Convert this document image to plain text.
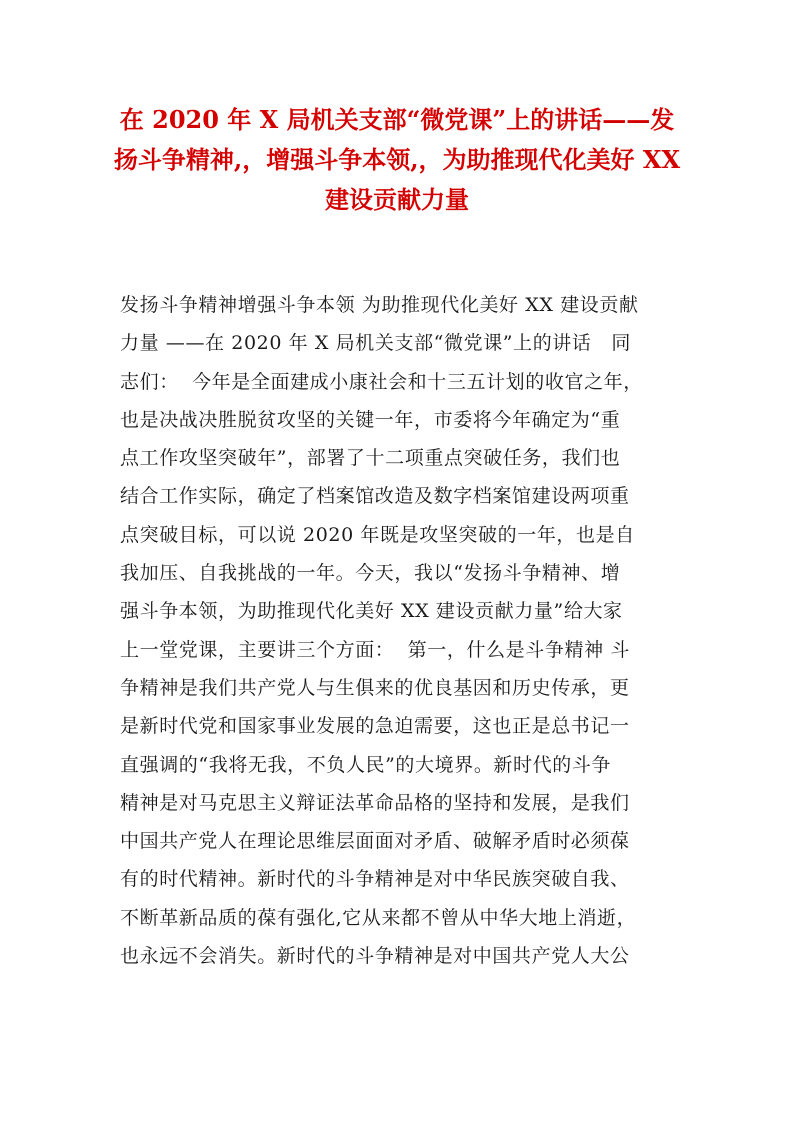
在 2020 年 X 局机关支部“微党课”上的讲话——发
扬斗争精神,，增强斗争本领,，为助推现代化美好 XX
建设贡献力量
发扬斗争精神增强斗争本领 为助推现代化美好 XX 建设贡献
力量 ——在 2020 年 X 局机关支部“微党课”上的讲话   同
志们：  今年是全面建成小康社会和十三五计划的收官之年，
也是决战决胜脱贫攻坚的关键一年，市委将今年确定为“重
点工作攻坚突破年”，部署了十二项重点突破任务，我们也
结合工作实际，确定了档案馆改造及数字档案馆建设两项重
点突破目标，可以说 2020 年既是攻坚突破的一年，也是自
我加压、自我挑战的一年。今天，我以“发扬斗争精神、增
强斗争本领，为助推现代化美好 XX 建设贡献力量”给大家
上一堂党课，主要讲三个方面：  第一，什么是斗争精神 斗
争精神是我们共产党人与生俱来的优良基因和历史传承，更
是新时代党和国家事业发展的急迫需要，这也正是总书记一
直强调的“我将无我，不负人民”的大境界。新时代的斗争
精神是对马克思主义辩证法革命品格的坚持和发展，是我们
中国共产党人在理论思维层面面对矛盾、破解矛盾时必须葆
有的时代精神。新时代的斗争精神是对中华民族突破自我、
不断革新品质的葆有强化,它从来都不曾从中华大地上消逝，
也永远不会消失。新时代的斗争精神是对中国共产党人大公
